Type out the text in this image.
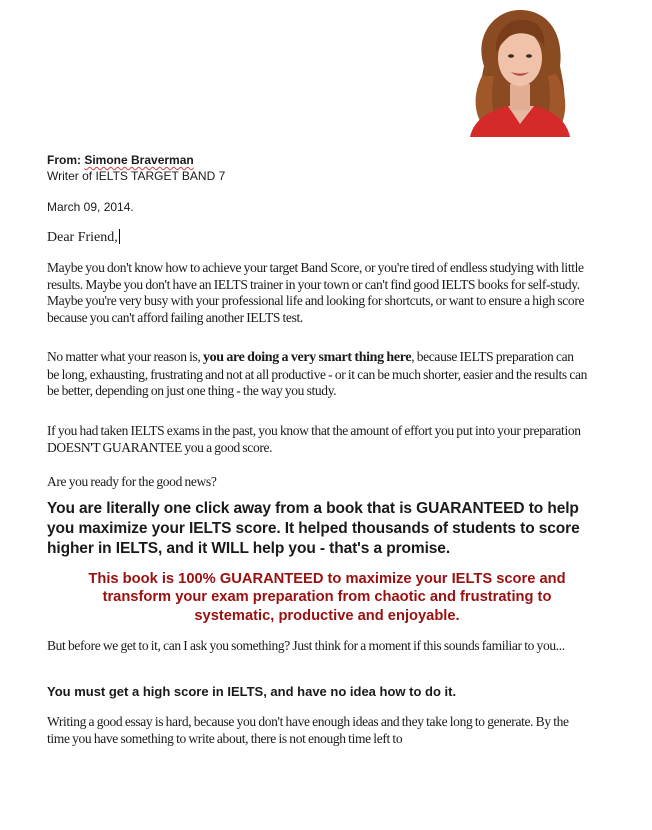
From: Simone Braverman
Writer of IELTS TARGET BAND 7
March 09, 2014.
Dear Friend,
Maybe you don't know how to achieve your target Band Score, or you're tired of endless studying with little results. Maybe you don't have an IELTS trainer in your town or can't find good IELTS books for self-study. Maybe you're very busy with your professional life and looking for shortcuts, or want to ensure a high score because you can't afford failing another IELTS test.
No matter what your reason is, you are doing a very smart thing here, because IELTS preparation can be long, exhausting, frustrating and not at all productive - or it can be much shorter, easier and the results can be better, depending on just one thing - the way you study.
If you had taken IELTS exams in the past, you know that the amount of effort you put into your preparation DOESN'T GUARANTEE you a good score.
Are you ready for the good news?
You are literally one click away from a book that is GUARANTEED to help you maximize your IELTS score. It helped thousands of students to score higher in IELTS, and it WILL help you - that's a promise.
This book is 100% GUARANTEED to maximize your IELTS score and
transform your exam preparation from chaotic and frustrating to
systematic, productive and enjoyable.
But before we get to it, can I ask you something? Just think for a moment if this sounds familiar to you...
You must get a high score in IELTS, and have no idea how to do it.
Writing a good essay is hard, because you don't have enough ideas and they take long to generate. By the time you have something to write about, there is not enough time left to
